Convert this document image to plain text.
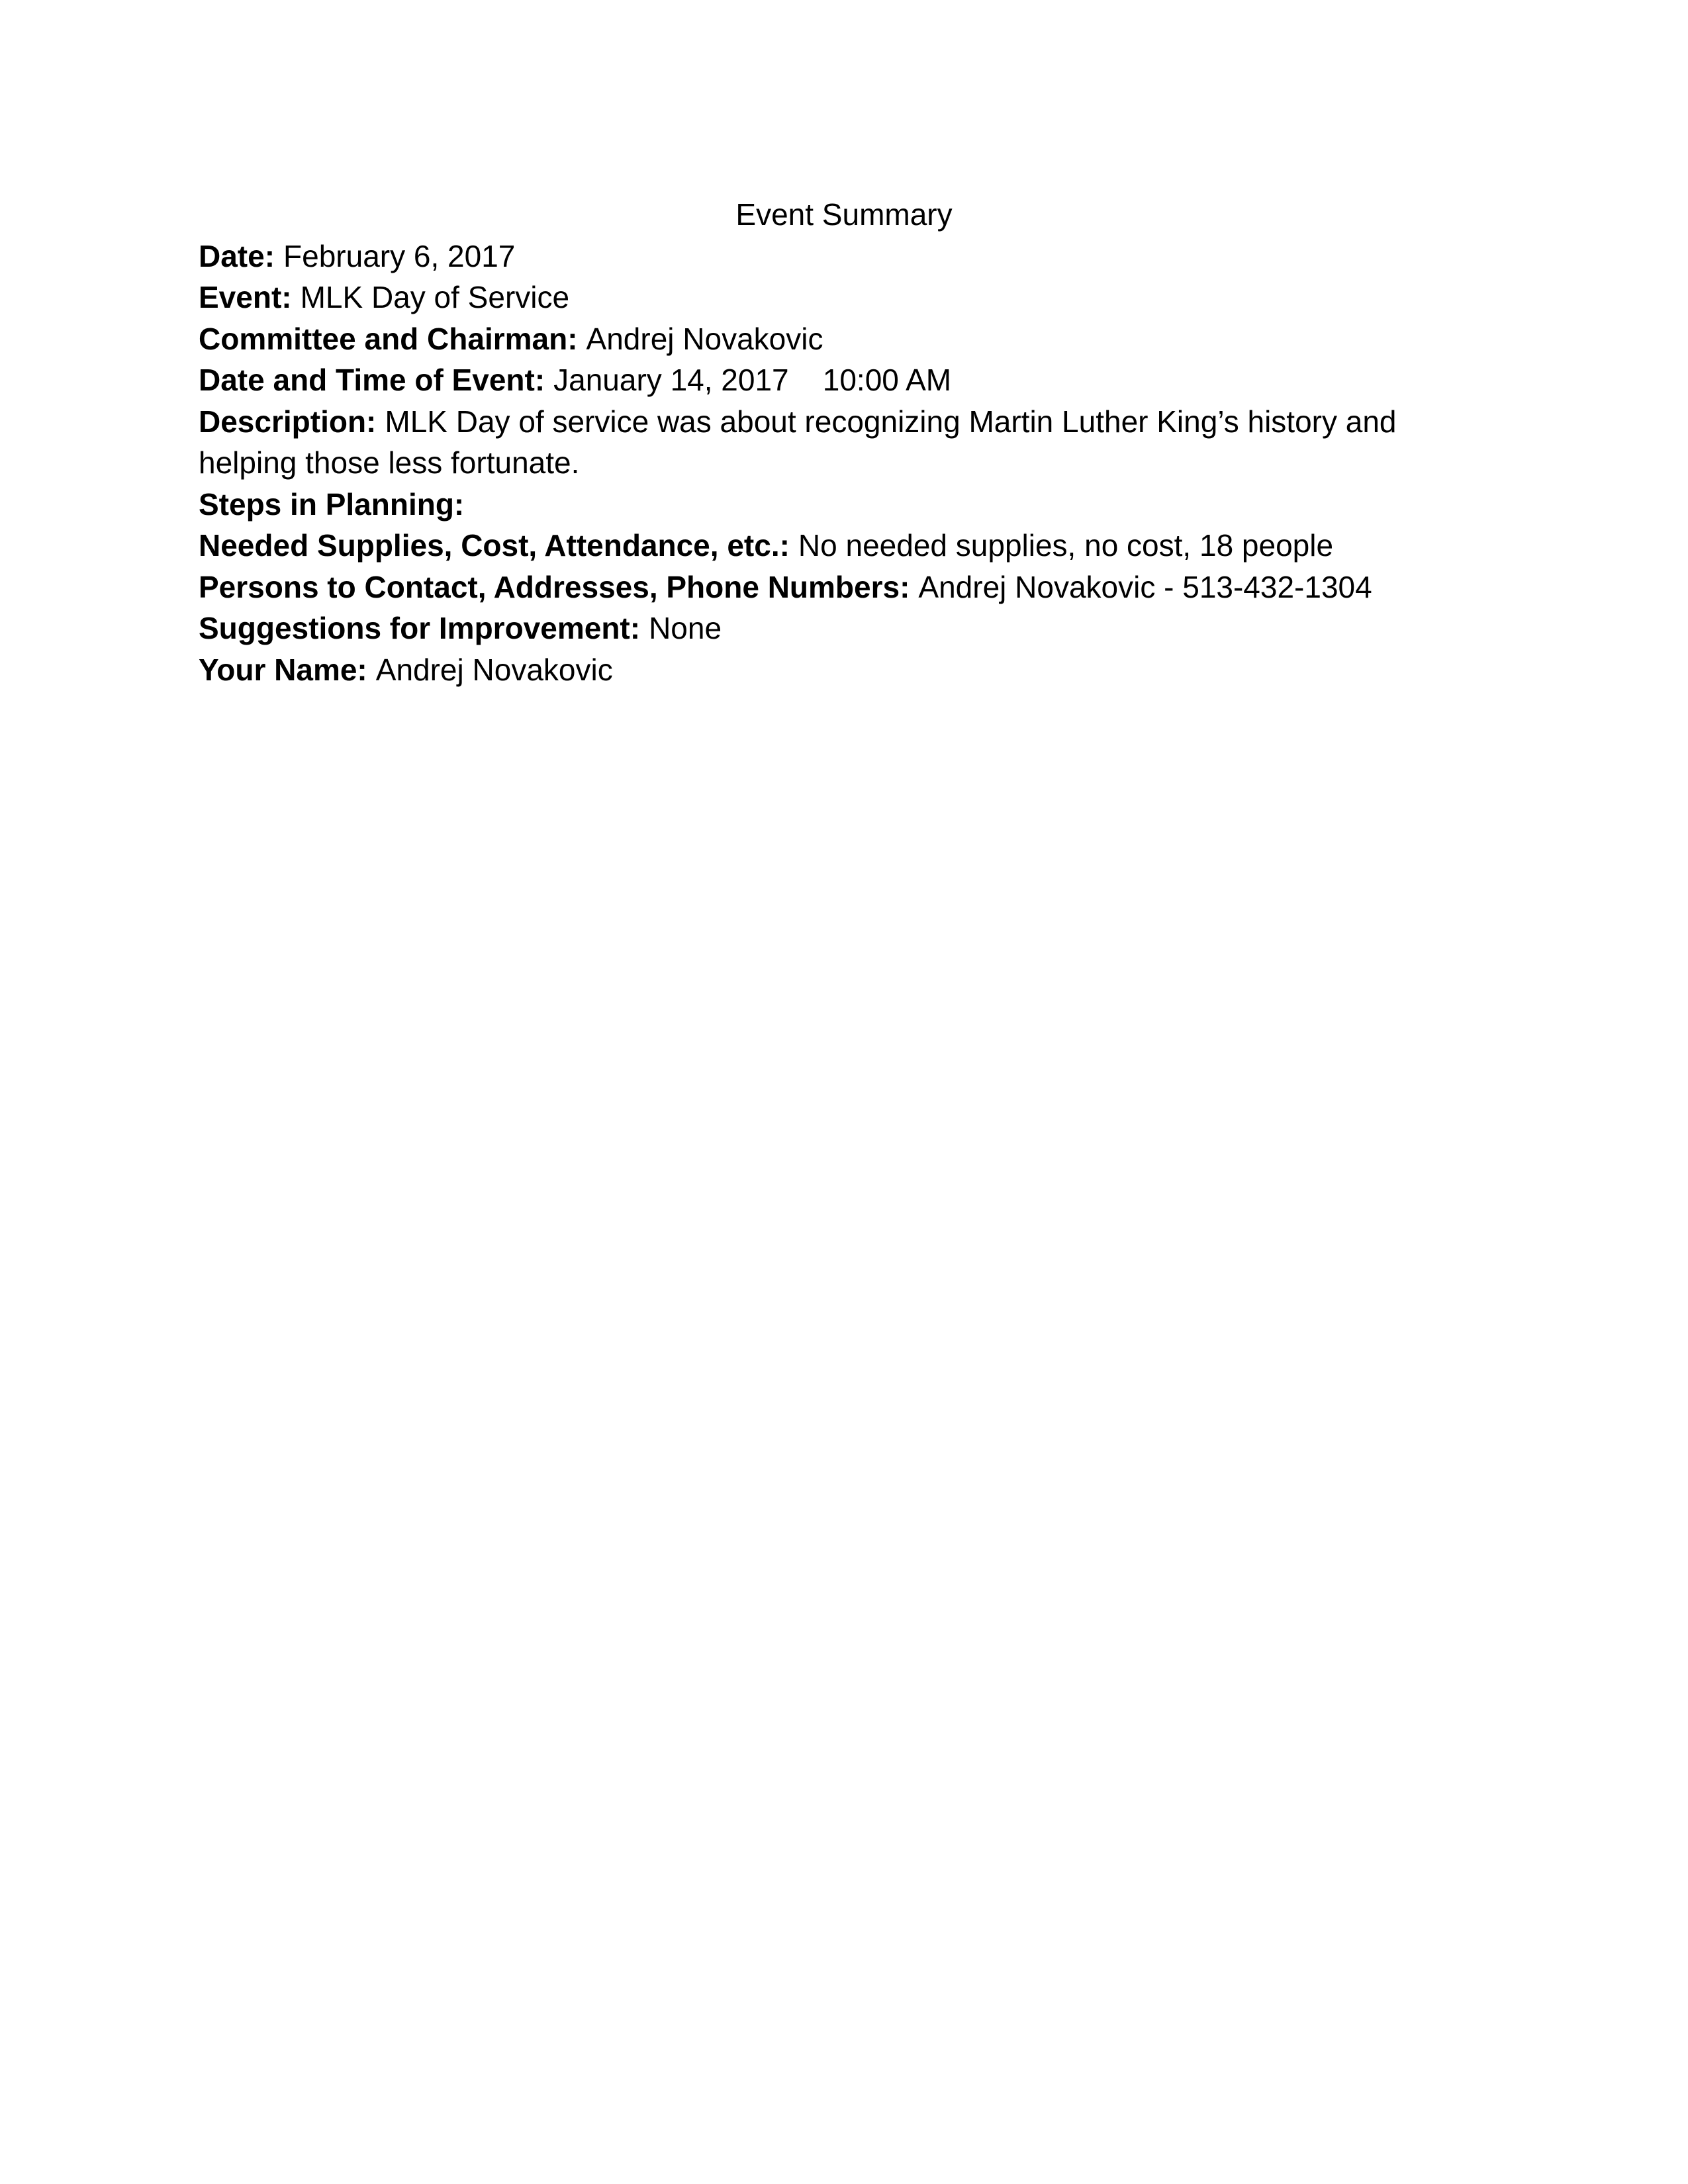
Event Summary
Date: February 6, 2017
Event: MLK Day of Service
Committee and Chairman: Andrej Novakovic
Date and Time of Event: January 14, 2017    10:00 AM
Description: MLK Day of service was about recognizing Martin Luther King’s history and helping those less fortunate.
Steps in Planning:
Needed Supplies, Cost, Attendance, etc.: No needed supplies, no cost, 18 people
Persons to Contact, Addresses, Phone Numbers: Andrej Novakovic - 513-432-1304
Suggestions for Improvement: None
Your Name: Andrej Novakovic
